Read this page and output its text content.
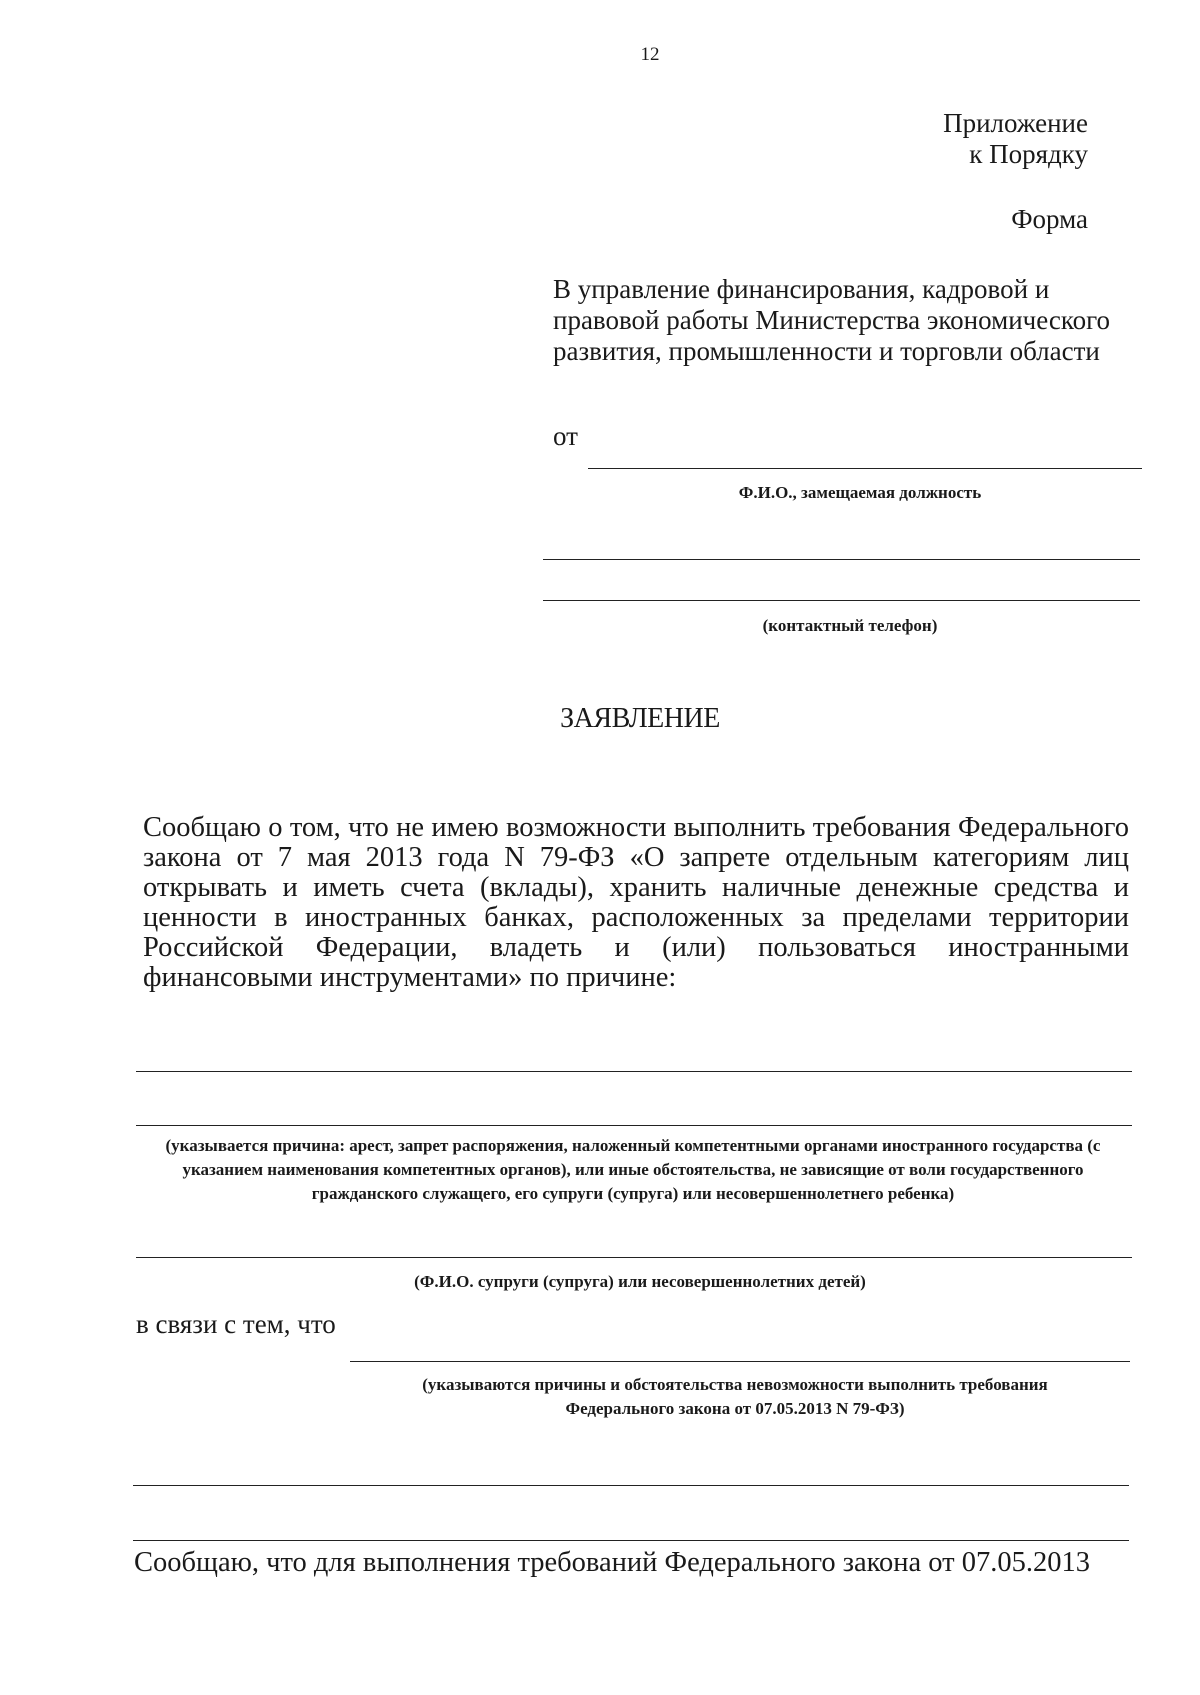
12
Приложение
к Порядку
Форма
В управление финансирования, кадровой и правовой работы Министерства экономического развития, промышленности и торговли области
от
Ф.И.О., замещаемая должность
(контактный телефон)
ЗАЯВЛЕНИЕ
Сообщаю о том, что не имею возможности выполнить требования Федерального закона от 7 мая 2013 года N 79-ФЗ «О запрете отдельным категориям лиц открывать и иметь счета (вклады), хранить наличные денежные средства и ценности в иностранных банках, расположенных за пределами территории Российской Федерации, владеть и (или) пользоваться иностранными финансовыми инструментами» по причине:
(указывается причина: арест, запрет распоряжения, наложенный компетентными органами иностранного государства (с указанием наименования компетентных органов), или иные обстоятельства, не зависящие от воли государственного гражданского служащего, его супруги (супруга) или несовершеннолетнего ребенка)
(Ф.И.О. супруги (супруга) или несовершеннолетних детей)
в связи с тем, что
(указываются причины и обстоятельства невозможности выполнить требования Федерального закона от 07.05.2013 N 79-ФЗ)
Сообщаю, что для выполнения требований Федерального закона от 07.05.2013
